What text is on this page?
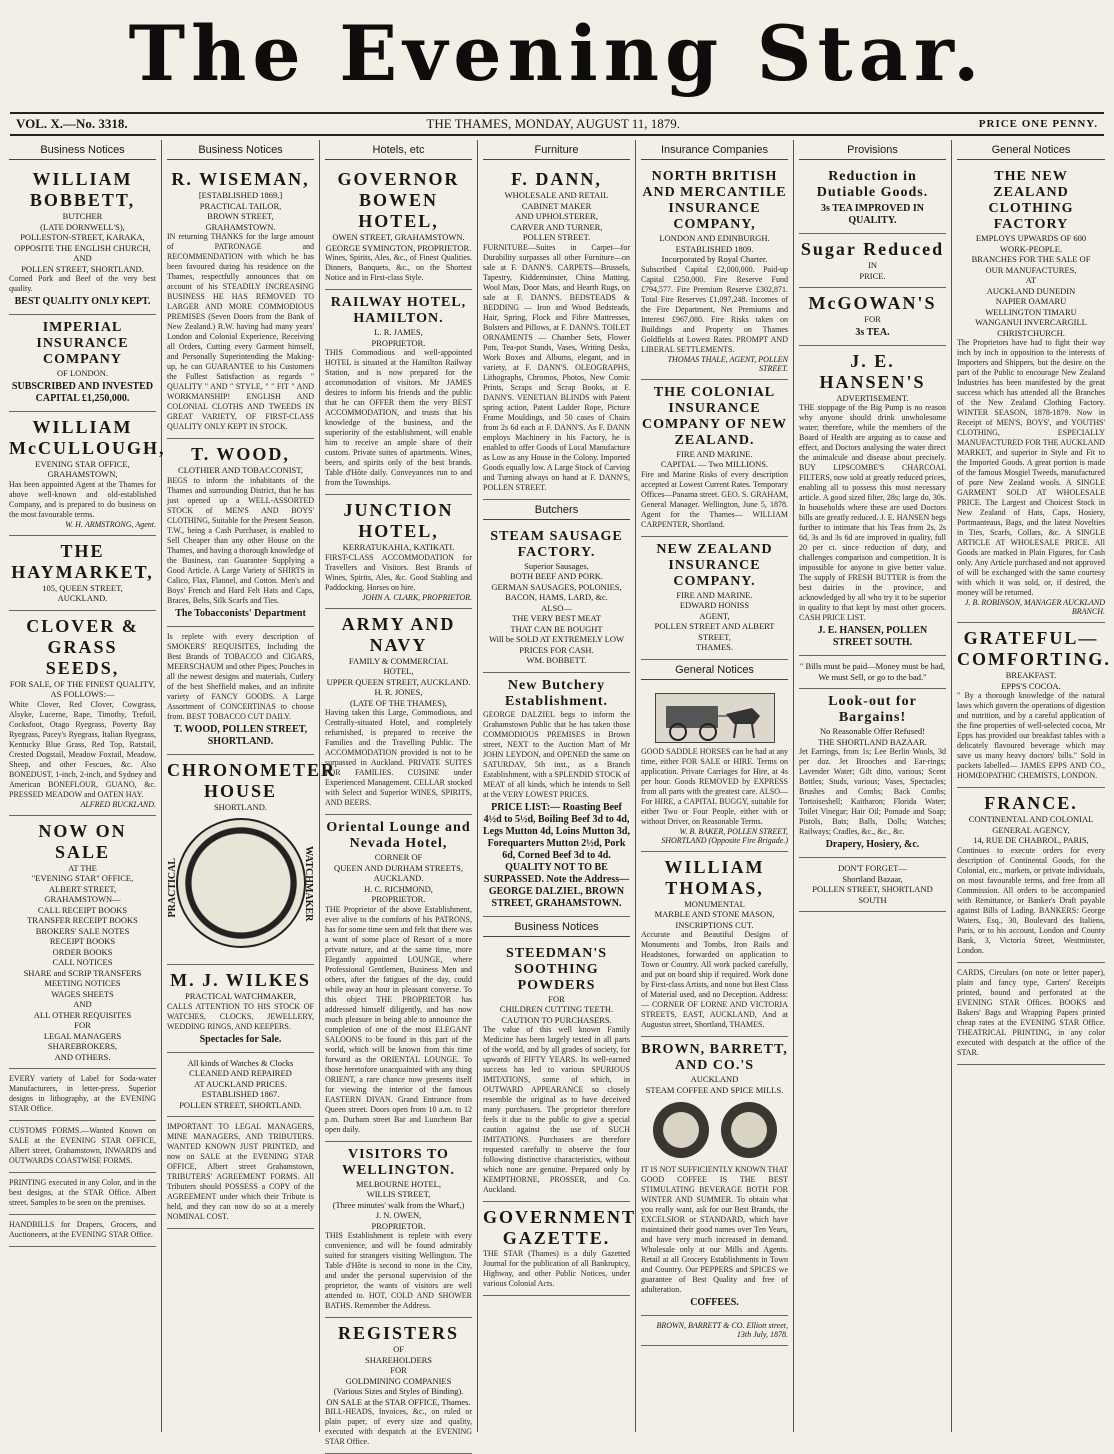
The Evening Star.
VOL. X.—No. 3318.	THE THAMES, MONDAY, AUGUST 11, 1879.	PRICE ONE PENNY.
Business Notices
WILLIAM BOBBETT,
BUTCHER
(LATE DORNWELL'S),
POLLESTON-STREET, KARAKA,
OPPOSITE THE ENGLISH CHURCH,
AND
POLLEN STREET, SHORTLAND.
Corned Pork and Beef of the very best quality.
BEST QUALITY ONLY KEPT.
IMPERIAL INSURANCE COMPANY
OF LONDON.
SUBSCRIBED AND INVESTED CAPITAL £1,250,000.
WILLIAM McCULLOUGH,
EVENING STAR OFFICE,
GRAHAMSTOWN,
Has been appointed Agent at the Thames for above well-known and old-established Company, and is prepared to do business on the most favourable terms.
W. H. ARMSTRONG, Agent.
THE HAYMARKET,
105, QUEEN STREET,
AUCKLAND.
CLOVER & GRASS SEEDS,
FOR SALE, OF THE FINEST QUALITY,
AS FOLLOWS:—
White Clover, Red Clover, Cowgrass, Alsyke, Lucerne, Rape, Timothy, Trefoil, Cocksfoot, Otago Ryegrass, Poverty Bay Ryegrass, Pacey's Ryegrass, Italian Ryegrass, Kentucky Blue Grass, Red Top, Ratstail, Crested Dogstail, Meadow Foxtail, Meadow, Sheep, and other Fescues, &c. Also BONEDUST, 1-inch, 2-inch, and Sydney and American BONEFLOUR, GUANO, &c. PRESSED MEADOW and OATEN HAY.
ALFRED BUCKLAND.
NOW ON SALE
AT THE
"EVENING STAR" OFFICE,
ALBERT STREET,
GRAHAMSTOWN—
CALL RECEIPT BOOKS
TRANSFER RECEIPT BOOKS
BROKERS' SALE NOTES
RECEIPT BOOKS
ORDER BOOKS
CALL NOTICES
SHARE and SCRIP TRANSFERS
MEETING NOTICES
WAGES SHEETS
AND
ALL OTHER REQUISITES
FOR
LEGAL MANAGERS
SHAREBROKERS,
AND OTHERS.
EVERY variety of Label for Soda-water Manufacturers, in letter-press. Superior designs in lithography, at the EVENING STAR Office.
CUSTOMS FORMS.—Wanted Known on SALE at the EVENING STAR OFFICE, Albert street, Grahamstown, INWARDS and OUTWARDS COASTWISE FORMS.
PRINTING executed in any Color, and in the best designs, at the STAR Office. Albert street. Samples to be seen on the premises.
HANDBILLS for Drapers, Grocers, and Auctioneers, at the EVENING STAR Office.
Business Notices
R. WISEMAN,
[ESTABLISHED 1869.]
PRACTICAL TAILOR,
BROWN STREET,
GRAHAMSTOWN.
IN returning THANKS for the large amount of PATRONAGE and RECOMMENDATION with which he has been favoured during his residence on the Thames, respectfully announces that on account of his STEADILY INCREASING BUSINESS HE HAS REMOVED TO LARGER AND MORE COMMODIOUS PREMISES (Seven Doors from the Bank of New Zealand.) R.W. having had many years' London and Colonial Experience, Receiving all Orders, Cutting every Garment himself, and Personally Superintending the Making-up, he can GUARANTEE to his Customers the Fullest Satisfaction as regards " QUALITY " AND " STYLE, " " FIT " AND WORKMANSHIP! ENGLISH AND COLONIAL CLOTHS AND TWEEDS IN GREAT VARIETY, OF FIRST-CLASS QUALITY ONLY KEPT IN STOCK.
T. WOOD,
CLOTHIER AND TOBACCONIST,
BEGS to inform the inhabitants of the Thames and surrounding District, that he has just opened up a WELL-ASSORTED STOCK of MEN'S AND BOYS' CLOTHING, Suitable for the Present Season. T.W., being a Cash Purchaser, is enabled to Sell Cheaper than any other House on the Thames, and having a thorough knowledge of the Business, can Guarantee Supplying a Good Article. A Large Variety of SHIRTS in Calico, Flax, Flannel, and Cotton. Men's and Boys' French and Hard Felt Hats and Caps, Braces, Belts, Silk Scarfs and Ties.
The Tobacconists' Department
Is replete with every description of SMOKERS' REQUISITES, Including the Best Brands of TOBACCO and CIGARS, MEERSCHAUM and other Pipes; Pouches in all the newest designs and materials, Cutlery of the best Sheffield makes, and an infinite variety of FANCY GOODS. A Large Assortment of CONCERTINAS to choose from. BEST TOBACCO CUT DAILY.
T. WOOD, POLLEN STREET, SHORTLAND.
CHRONOMETER HOUSE
SHORTLAND.
PRACTICAL	WATCHMAKER
M. J. WILKES
PRACTICAL WATCHMAKER,
CALLS ATTENTION TO HIS STOCK OF WATCHES, CLOCKS, JEWELLERY, WEDDING RINGS, AND KEEPERS.
Spectacles for Sale.
All kinds of Watches & Clocks
CLEANED AND REPAIRED
AT AUCKLAND PRICES.
ESTABLISHED 1867.
POLLEN STREET, SHORTLAND.
IMPORTANT TO LEGAL MANAGERS, MINE MANAGERS, AND TRIBUTERS. WANTED KNOWN JUST PRINTED, and now on SALE at the EVENING STAR OFFICE, Albert street Grahamstown, TRIBUTERS' AGREEMENT FORMS. All Tributers should POSSESS a COPY of the AGREEMENT under which their Tribute is held, and they can now do so at a merely NOMINAL COST.
Hotels, etc
GOVERNOR BOWEN HOTEL,
OWEN STREET, GRAHAMSTOWN.
GEORGE SYMINGTON, PROPRIETOR.
Wines, Spirits, Ales, &c., of Finest Qualities. Dinners, Banquets, &c., on the Shortest Notice and in First-class Style.
RAILWAY HOTEL, HAMILTON.
L. R. JAMES,
PROPRIETOR.
THIS Commodious and well-appointed HOTEL is situated at the Hamilton Railway Station, and is now prepared for the accommodation of visitors. Mr JAMES desires to inform his friends and the public that he can OFFER them the very BEST ACCOMMODATION, and trusts that his knowledge of the business, and the superiority of the establishment, will enable him to receive an ample share of their custom. Private suites of apartments. Wines, beers, and spirits only of the best brands. Table d'Hôte daily. Conveyances run to and from the Townships.
JUNCTION HOTEL,
KERRATUKAHIA, KATIKATI.
FIRST-CLASS ACCOMMODATION for Travellers and Visitors. Best Brands of Wines, Spirits, Ales, &c. Good Stabling and Paddocking. Horses on hire.
JOHN A. CLARK, PROPRIETOR.
ARMY AND NAVY
FAMILY & COMMERCIAL
HOTEL,
UPPER QUEEN STREET, AUCKLAND.
H. R. JONES,
(LATE OF THE THAMES),
Having taken this Large, Commodious, and Centrally-situated Hotel, and completely refurnished, is prepared to receive the Families and the Travelling Public. The ACCOMMODATION provided is not to be surpassed in Auckland. PRIVATE SUITES FOR FAMILIES. CUISINE under Experienced Management. CELLAR stocked with Select and Superior WINES, SPIRITS, AND BEERS.
Oriental Lounge and Nevada Hotel,
CORNER OF
QUEEN AND DURHAM STREETS,
AUCKLAND.
H. C. RICHMOND,
PROPRIETOR.
THE Proprietor of the above Establishment, ever alive to the comforts of his PATRONS, has for some time seen and felt that there was a want of some place of Resort of a more private nature, and at the same time, more Elegantly appointed LOUNGE, where Professional Gentlemen, Business Men and others, after the fatigues of the day, could while away an hour in pleasant converse. To this object THE PROPRIETOR has addressed himself diligently, and has now much pleasure in being able to announce the completion of one of the most ELEGANT SALOONS to be found in this part of the world, which will be known from this time forward as the ORIENTAL LOUNGE. To those heretofore unacquainted with any thing ORIENT, a rare chance now presents itself for viewing the interior of the famous EASTERN DIVAN. Grand Entrance from Queen street. Doors open from 10 a.m. to 12 p.m. Durham street Bar and Luncheon Bar open daily.
VISITORS TO WELLINGTON.
MELBOURNE HOTEL,
WILLIS STREET,
(Three minutes' walk from the Wharf,)
J. N. OWEN,
PROPRIETOR.
THIS Establishment is replete with every convenience, and will be found admirably suited for strangers visiting Wellington. The Table d'Hôte is second to none in the City, and under the personal supervision of the proprietor, the wants of visitors are well attended to. HOT, COLD AND SHOWER BATHS. Remember the Address.
REGISTERS
OF
SHAREHOLDERS
FOR
GOLDMINING COMPANIES
(Various Sizes and Styles of Binding).
ON SALE at the STAR OFFICE, Thames.
BILL-HEADS, Invoices, &c., on ruled or plain paper, of every size and quality, executed with despatch at the EVENING STAR Office.
Furniture
F. DANN,
WHOLESALE AND RETAIL
CABINET MAKER
AND UPHOLSTERER,
CARVER AND TURNER,
POLLEN STREET.
FURNITURE—Suites in Carpet—for Durability surpasses all other Furniture—on sale at F. DANN'S. CARPETS—Brussels, Tapestry, Kidderminster, China Matting, Wool Mats, Door Mats, and Hearth Rugs, on sale at F. DANN'S. BEDSTEADS & BEDDING — Iron and Wood Bedsteads, Hair, Spring, Flock and Fibre Mattresses, Bolsters and Pillows, at F. DANN'S. TOILET ORNAMENTS — Chamber Sets, Flower Pots, Tea-pot Stands, Vases, Writing Desks, Work Boxes and Albums, elegant, and in variety, at F. DANN'S. OLEOGRAPHS, Lithographs, Chromos, Photos, New Comic Prints, Scraps and Scrap Books, at F. DANN'S. VENETIAN BLINDS with Patent spring action, Patent Ladder Rope, Picture Frame Mouldings, and 50 cases of Chairs from 2s 6d each at F. DANN'S. As F. DANN employs Machinery in his Factory, he is enabled to offer Goods of Local Manufacture as Low as any House in the Colony. Imported Goods equally low. A Large Stock of Carving and Turning always on hand at F. DANN'S, POLLEN STREET.
Butchers
STEAM SAUSAGE FACTORY.
Superior Sausages,
BOTH BEEF AND PORK.
GERMAN SAUSAGES, POLONIES,
BACON, HAMS, LARD, &c.
ALSO—
THE VERY BEST MEAT
THAT CAN BE BOUGHT
Will be SOLD AT EXTREMELY LOW
PRICES FOR CASH.
WM. BOBBETT.
New Butchery Establishment.
GEORGE DALZIEL begs to inform the Grahamstown Public that he has taken those COMMODIOUS PREMISES in Brown street, NEXT to the Auction Mart of Mr JOHN LEYDON, and OPENED the same on SATURDAY, 5th inst., as a Branch Establishment, with a SPLENDID STOCK of MEAT of all kinds, which he intends to Sell at the VERY LOWEST PRICES.
PRICE LIST:— Roasting Beef 4½d to 5½d, Boiling Beef 3d to 4d, Legs Mutton 4d, Loins Mutton 3d, Forequarters Mutton 2½d, Pork 6d, Corned Beef 3d to 4d. QUALITY NOT TO BE SURPASSED. Note the Address— GEORGE DALZIEL, BROWN STREET, GRAHAMSTOWN.
Business Notices
STEEDMAN'S SOOTHING POWDERS
FOR
CHILDREN CUTTING TEETH.
CAUTION TO PURCHASERS.
The value of this well known Family Medicine has been largely tested in all parts of the world, and by all grades of society, for upwards of FIFTY YEARS. Its well-earned success has led to various SPURIOUS IMITATIONS, some of which, in OUTWARD APPEARANCE so closely resemble the original as to have deceived many purchasers. The proprietor therefore feels it due to the public to give a special caution against the use of SUCH IMITATIONS. Purchasers are therefore requested carefully to observe the four following distinctive characteristics, without which none are genuine. Prepared only by KEMPTHORNE, PROSSER, and Co. Auckland.
GOVERNMENT GAZETTE.
THE STAR (Thames) is a duly Gazetted Journal for the publication of all Bankruptcy, Highway, and other Public Notices, under various Colonial Acts.
Insurance Companies
NORTH BRITISH AND MERCANTILE INSURANCE COMPANY,
LONDON AND EDINBURGH.
ESTABLISHED 1809.
Incorporated by Royal Charter.
Subscribed Capital £2,000,000. Paid-up Capital £250,000. Fire Reserve Fund £794,577. Fire Premium Reserve £302,871. Total Fire Reserves £1,097,248. Incomes of the Fire Department, Net Premiums and Interest £967,080. Fire Risks taken on Buildings and Property on Thames Goldfields at Lowest Rates. PROMPT AND LIBERAL SETTLEMENTS.
THOMAS THALE, AGENT, POLLEN STREET.
THE COLONIAL INSURANCE COMPANY OF NEW ZEALAND.
FIRE AND MARINE.
CAPITAL — Two MILLIONS.
Fire and Marine Risks of every description accepted at Lowest Current Rates. Temporary Offices—Panama street. GEO. S. GRAHAM, General Manager. Wellington, June 5, 1878. Agent for the Thames— WILLIAM CARPENTER, Shortland.
NEW ZEALAND INSURANCE COMPANY.
FIRE AND MARINE.
EDWARD HONISS
AGENT,
POLLEN STREET AND ALBERT STREET,
THAMES.
General Notices
GOOD SADDLE HORSES can be had at any time, either FOR SALE or HIRE. Terms on application. Private Carriages for Hire, at 4s per hour. Goods REMOVED by EXPRESS from all parts with the greatest care. ALSO— For HIRE, a CAPITAL BUGGY, suitable for either Two or Four People, either with or without Driver, on Reasonable Terms.
W. B. BAKER, POLLEN STREET, SHORTLAND (Opposite Fire Brigade.)
WILLIAM THOMAS,
MONUMENTAL
MARBLE AND STONE MASON,
INSCRIPTIONS CUT.
Accurate and Beautiful Designs of Monuments and Tombs, Iron Rails and Headstones, forwarded on application to Town or Country. All work packed carefully, and put on board ship if required. Work done by First-class Artists, and none but Best Class of Material used, and no Deception. Address:— CORNER OF LORNE AND VICTORIA STREETS, EAST, AUCKLAND, And at Augustus street, Shortland, THAMES.
BROWN, BARRETT, AND CO.'S
AUCKLAND
STEAM COFFEE AND SPICE MILLS.
IT IS NOT SUFFICIENTLY KNOWN THAT GOOD COFFEE IS THE BEST STIMULATING BEVERAGE BOTH FOR WINTER AND SUMMER. To obtain what you really want, ask for our Best Brands, the EXCELSIOR or STANDARD, which have maintained their good names over Ten Years, and have very much increased in demand. Wholesale only at our Mills and Agents. Retail at all Grocery Establishments in Town and Country. Our PEPPERS and SPICES we guarantee of Best Quality and free of adulteration.
COFFEES.
BROWN, BARRETT & CO. Elliott street, 13th July, 1878.
Provisions
Reduction in Dutiable Goods.
3s TEA IMPROVED IN QUALITY.
Sugar Reduced
IN
PRICE.
McGOWAN'S
FOR
3s TEA.
J. E. HANSEN'S
ADVERTISEMENT.
THE stoppage of the Big Pump is no reason why anyone should drink unwholesome water; therefore, while the members of the Board of Health are arguing as to cause and effect, and Doctors analysing the water direct the animalcule and disease about precisely. BUY LIPSCOMBE'S CHARCOAL FILTERS, now sold at greatly reduced prices, enabling all to possess this most necessary article. A good sized filter, 28s; large do, 30s. In households where these are used Doctors bills are greatly reduced. J. E. HANSEN begs further to intimate that his Teas from 2s, 2s 6d, 3s and 3s 6d are improved in quality, full 20 per ct. since reduction of duty, and challenges comparison and competition. It is impossible for anyone to give better value. The supply of FRESH BUTTER is from the best dairies in the province, and acknowledged by all who try it to be superior in quality to that kept by most other grocers. CASH PRICE LIST.
J. E. HANSEN, POLLEN STREET SOUTH.
" Bills must be paid—Money must be had,
We must Sell, or go to the bad."
Look-out for Bargains!
No Reasonable Offer Refused!
THE SHORTLAND BAZAAR.
Jet Earrings, from 1s; Lee Berlin Wools, 3d per doz. Jet Brooches and Ear-rings; Lavender Water; Gilt ditto, various; Scent Bottles; Studs, various; Vases, Spectacles; Brushes and Combs; Back Combs; Tortoiseshell; Kaitharon; Florida Water; Toilet Vinegar; Hair Oil; Pomade and Soap; Pistols, Bats; Balls, Dolls; Watches; Railways; Cradles, &c., &c., &c.
Drapery, Hosiery, &c.
DON'T FORGET—
Shortland Bazaar,
POLLEN STREET, SHORTLAND SOUTH
General Notices
THE NEW ZEALAND CLOTHING FACTORY
EMPLOYS UPWARDS OF 600
WORK-PEOPLE.
BRANCHES FOR THE SALE OF
OUR MANUFACTURES,
AT
AUCKLAND DUNEDIN
NAPIER OAMARU
WELLINGTON TIMARU
WANGANUI INVERCARGILL
CHRISTCHURCH.
The Proprietors have had to fight their way inch by inch in opposition to the interests of Importers and Shippers, but the desire on the part of the Public to encourage New Zealand Industries has been manifested by the great success which has attended all the Branches of the New Zealand Clothing Factory. WINTER SEASON, 1878-1879. Now in Receipt of MEN'S, BOYS', and YOUTHS' CLOTHING, ESPECIALLY MANUFACTURED FOR THE AUCKLAND MARKET, and superior in Style and Fit to the Imported Goods. A great portion is made of the famous Mosgiel Tweeds, manufactured of pure New Zealand wools. A SINGLE GARMENT SOLD AT WHOLESALE PRICE. The Largest and Choicest Stock in New Zealand of Hats, Caps, Hosiery, Portmanteaus, Bags, and the latest Novelties in Ties, Scarfs, Collars, &c. A SINGLE ARTICLE AT WHOLESALE PRICE. All Goods are marked in Plain Figures, for Cash only. Any Article purchased and not approved of will be exchanged with the same courtesy with which it was sold, or, if desired, the money will be returned.
J. B. ROBINSON, MANAGER AUCKLAND BRANCH.
GRATEFUL—COMFORTING.
BREAKFAST.
EPPS'S COCOA.
" By a thorough knowledge of the natural laws which govern the operations of digestion and nutrition, and by a careful application of the fine properties of well-selected cocoa, Mr Epps has provided our breakfast tables with a delicately flavoured beverage which may save us many heavy doctors' bills." Sold in packets labelled— JAMES EPPS AND CO., HOMŒOPATHIC CHEMISTS, LONDON.
FRANCE.
CONTINENTAL AND COLONIAL
GENERAL AGENCY,
14, RUE DE CHABROL, PARIS,
Continues to execute orders for every description of Continental Goods, for the Colonial, etc., markets, or private individuals, on most favourable terms, and free from all Commission. All orders to be accompanied with Remittance, or Banker's Draft payable against Bills of Lading. BANKERS: George Waters, Esq., 30, Boulevard des Italiens, Paris, or to his account, London and County Bank, 3, Victoria Street, Westminster, London.
CARDS, Circulars (on note or letter paper), plain and fancy type, Carters' Receipts printed, bound and perforated at the EVENING STAR Offices. BOOKS and Bakers' Bags and Wrapping Papers printed cheap rates at the EVENING STAR Office. THEATRICAL PRINTING, in any color executed with despatch at the office of the STAR.
